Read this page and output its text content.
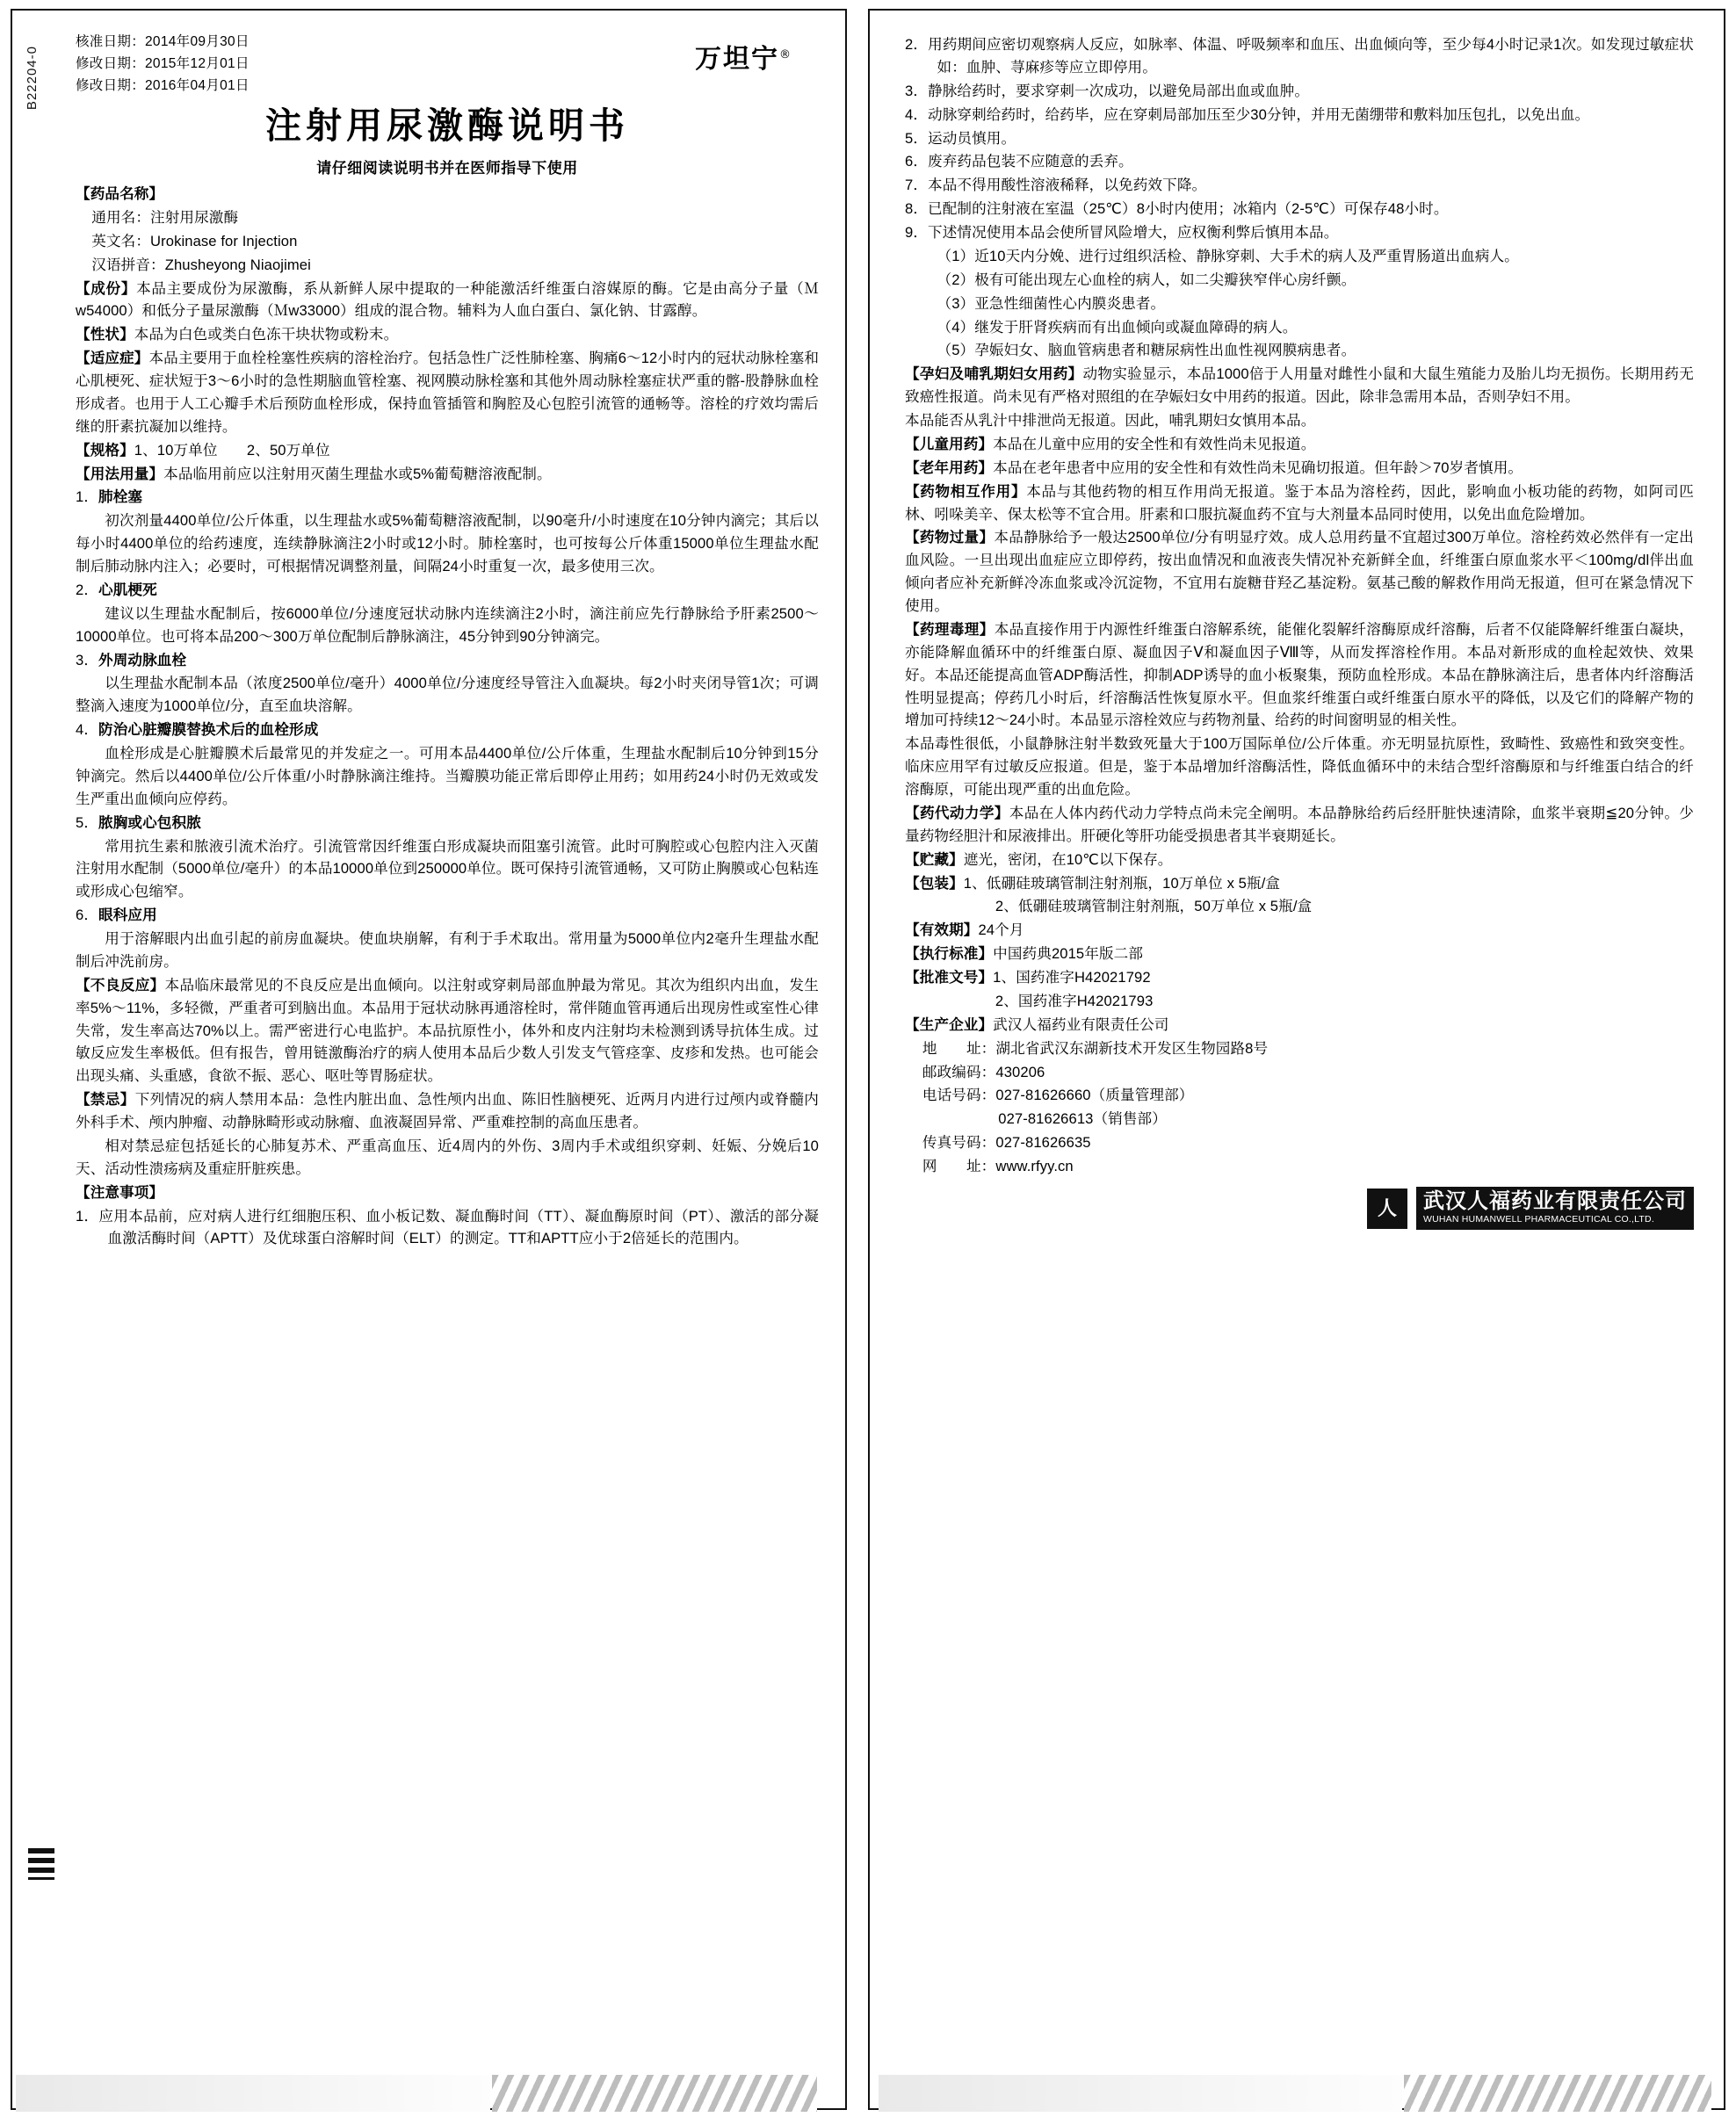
B22204-0
核准日期：2014年09月30日
修改日期：2015年12月01日
修改日期：2016年04月01日
万坦宁®
注射用尿激酶说明书
请仔细阅读说明书并在医师指导下使用
【药品名称】
通用名：注射用尿激酶
英文名：Urokinase for Injection
汉语拼音：Zhusheyong Niaojimei
【成份】本品主要成份为尿激酶，系从新鲜人尿中提取的一种能激活纤维蛋白溶媒原的酶。它是由高分子量（Ｍw54000）和低分子量尿激酶（Ｍw33000）组成的混合物。辅料为人血白蛋白、氯化钠、甘露醇。
【性状】本品为白色或类白色冻干块状物或粉末。
【适应症】本品主要用于血栓栓塞性疾病的溶栓治疗。包括急性广泛性肺栓塞、胸痛6～12小时内的冠状动脉栓塞和心肌梗死、症状短于3～6小时的急性期脑血管栓塞、视网膜动脉栓塞和其他外周动脉栓塞症状严重的髂-股静脉血栓形成者。也用于人工心瓣手术后预防血栓形成，保持血管插管和胸腔及心包腔引流管的通畅等。溶栓的疗效均需后继的肝素抗凝加以维持。
【规格】1、10万单位　　2、50万单位
【用法用量】本品临用前应以注射用灭菌生理盐水或5%葡萄糖溶液配制。
1．肺栓塞
初次剂量4400单位/公斤体重，以生理盐水或5%葡萄糖溶液配制，以90毫升/小时速度在10分钟内滴完；其后以每小时4400单位的给药速度，连续静脉滴注2小时或12小时。肺栓塞时，也可按每公斤体重15000单位生理盐水配制后肺动脉内注入；必要时，可根据情况调整剂量，间隔24小时重复一次，最多使用三次。
2．心肌梗死
建议以生理盐水配制后，按6000单位/分速度冠状动脉内连续滴注2小时，滴注前应先行静脉给予肝素2500～10000单位。也可将本品200～300万单位配制后静脉滴注，45分钟到90分钟滴完。
3．外周动脉血栓
以生理盐水配制本品（浓度2500单位/毫升）4000单位/分速度经导管注入血凝块。每2小时夹闭导管1次；可调整滴入速度为1000单位/分，直至血块溶解。
4．防治心脏瓣膜替换术后的血栓形成
血栓形成是心脏瓣膜术后最常见的并发症之一。可用本品4400单位/公斤体重，生理盐水配制后10分钟到15分钟滴完。然后以4400单位/公斤体重/小时静脉滴注维持。当瓣膜功能正常后即停止用药；如用药24小时仍无效或发生严重出血倾向应停药。
5．脓胸或心包积脓
常用抗生素和脓液引流术治疗。引流管常因纤维蛋白形成凝块而阻塞引流管。此时可胸腔或心包腔内注入灭菌注射用水配制（5000单位/毫升）的本品10000单位到250000单位。既可保持引流管通畅，又可防止胸膜或心包粘连或形成心包缩窄。
6．眼科应用
用于溶解眼内出血引起的前房血凝块。使血块崩解，有利于手术取出。常用量为5000单位内2毫升生理盐水配制后冲洗前房。
【不良反应】本品临床最常见的不良反应是出血倾向。以注射或穿刺局部血肿最为常见。其次为组织内出血，发生率5%～11%，多轻微，严重者可到脑出血。本品用于冠状动脉再通溶栓时，常伴随血管再通后出现房性或室性心律失常，发生率高达70%以上。需严密进行心电监护。本品抗原性小，体外和皮内注射均未检测到诱导抗体生成。过敏反应发生率极低。但有报告，曾用链激酶治疗的病人使用本品后少数人引发支气管痉挛、皮疹和发热。也可能会出现头痛、头重感，食欲不振、恶心、呕吐等胃肠症状。
【禁忌】下列情况的病人禁用本品：急性内脏出血、急性颅内出血、陈旧性脑梗死、近两月内进行过颅内或脊髓内外科手术、颅内肿瘤、动静脉畸形或动脉瘤、血液凝固异常、严重难控制的高血压患者。
相对禁忌症包括延长的心肺复苏术、严重高血压、近4周内的外伤、3周内手术或组织穿刺、妊娠、分娩后10天、活动性溃疡病及重症肝脏疾患。
【注意事项】
1．应用本品前，应对病人进行红细胞压积、血小板记数、凝血酶时间（TT）、凝血酶原时间（PT）、激活的部分凝血激活酶时间（APTT）及优球蛋白溶解时间（ELT）的测定。TT和APTT应小于2倍延长的范围内。
2．用药期间应密切观察病人反应，如脉率、体温、呼吸频率和血压、出血倾向等，至少每4小时记录1次。如发现过敏症状如：血肿、荨麻疹等应立即停用。
3．静脉给药时，要求穿刺一次成功，以避免局部出血或血肿。
4．动脉穿刺给药时，给药毕，应在穿刺局部加压至少30分钟，并用无菌绷带和敷料加压包扎，以免出血。
5．运动员慎用。
6．废弃药品包装不应随意的丢弃。
7．本品不得用酸性溶液稀释，以免药效下降。
8．已配制的注射液在室温（25℃）8小时内使用；冰箱内（2-5℃）可保存48小时。
9．下述情况使用本品会使所冒风险增大，应权衡利弊后慎用本品。
（1）近10天内分娩、进行过组织活检、静脉穿刺、大手术的病人及严重胃肠道出血病人。
（2）极有可能出现左心血栓的病人，如二尖瓣狭窄伴心房纤颤。
（3）亚急性细菌性心内膜炎患者。
（4）继发于肝肾疾病而有出血倾向或凝血障碍的病人。
（5）孕娠妇女、脑血管病患者和糖尿病性出血性视网膜病患者。
【孕妇及哺乳期妇女用药】动物实验显示，本品1000倍于人用量对雌性小鼠和大鼠生殖能力及胎儿均无损伤。长期用药无致癌性报道。尚未见有严格对照组的在孕娠妇女中用药的报道。因此，除非急需用本品，否则孕妇不用。
本品能否从乳汁中排泄尚无报道。因此，哺乳期妇女慎用本品。
【儿童用药】本品在儿童中应用的安全性和有效性尚未见报道。
【老年用药】本品在老年患者中应用的安全性和有效性尚未见确切报道。但年龄＞70岁者慎用。
【药物相互作用】本品与其他药物的相互作用尚无报道。鉴于本品为溶栓药，因此，影响血小板功能的药物，如阿司匹林、吲哚美辛、保太松等不宜合用。肝素和口服抗凝血药不宜与大剂量本品同时使用，以免出血危险增加。
【药物过量】本品静脉给予一般达2500单位/分有明显疗效。成人总用药量不宜超过300万单位。溶栓药效必然伴有一定出血风险。一旦出现出血症应立即停药，按出血情况和血液丧失情况补充新鲜全血，纤维蛋白原血浆水平＜100mg/dl伴出血倾向者应补充新鲜冷冻血浆或冷沉淀物，不宜用右旋糖苷羟乙基淀粉。氨基己酸的解救作用尚无报道，但可在紧急情况下使用。
【药理毒理】本品直接作用于内源性纤维蛋白溶解系统，能催化裂解纤溶酶原成纤溶酶，后者不仅能降解纤维蛋白凝块，亦能降解血循环中的纤维蛋白原、凝血因子Ⅴ和凝血因子Ⅷ等，从而发挥溶栓作用。本品对新形成的血栓起效快、效果好。本品还能提高血管ADP酶活性，抑制ADP诱导的血小板聚集，预防血栓形成。本品在静脉滴注后，患者体内纤溶酶活性明显提高；停药几小时后，纤溶酶活性恢复原水平。但血浆纤维蛋白或纤维蛋白原水平的降低，以及它们的降解产物的增加可持续12～24小时。本品显示溶栓效应与药物剂量、给药的时间窗明显的相关性。
本品毒性很低，小鼠静脉注射半数致死量大于100万国际单位/公斤体重。亦无明显抗原性，致畸性、致癌性和致突变性。临床应用罕有过敏反应报道。但是，鉴于本品增加纤溶酶活性，降低血循环中的未结合型纤溶酶原和与纤维蛋白结合的纤溶酶原，可能出现严重的出血危险。
【药代动力学】本品在人体内药代动力学特点尚未完全阐明。本品静脉给药后经肝脏快速清除，血浆半衰期≦20分钟。少量药物经胆汁和尿液排出。肝硬化等肝功能受损患者其半衰期延长。
【贮藏】遮光，密闭，在10℃以下保存。
【包装】1、低硼硅玻璃管制注射剂瓶，10万单位 x 5瓶/盒
2、低硼硅玻璃管制注射剂瓶，50万单位 x 5瓶/盒
【有效期】24个月
【执行标准】中国药典2015年版二部
【批准文号】1、国药准字H42021792
2、国药准字H42021793
【生产企业】武汉人福药业有限责任公司
地　　址： 湖北省武汉东湖新技术开发区生物园路8号
邮政编码：430206
电话号码：027-81626660（质量管理部）
027-81626613（销售部）
传真号码：027-81626635
网　　址：www.rfyy.cn
人 武汉人福药业有限责任公司
WUHAN HUMANWELL PHARMACEUTICAL CO.,LTD.
